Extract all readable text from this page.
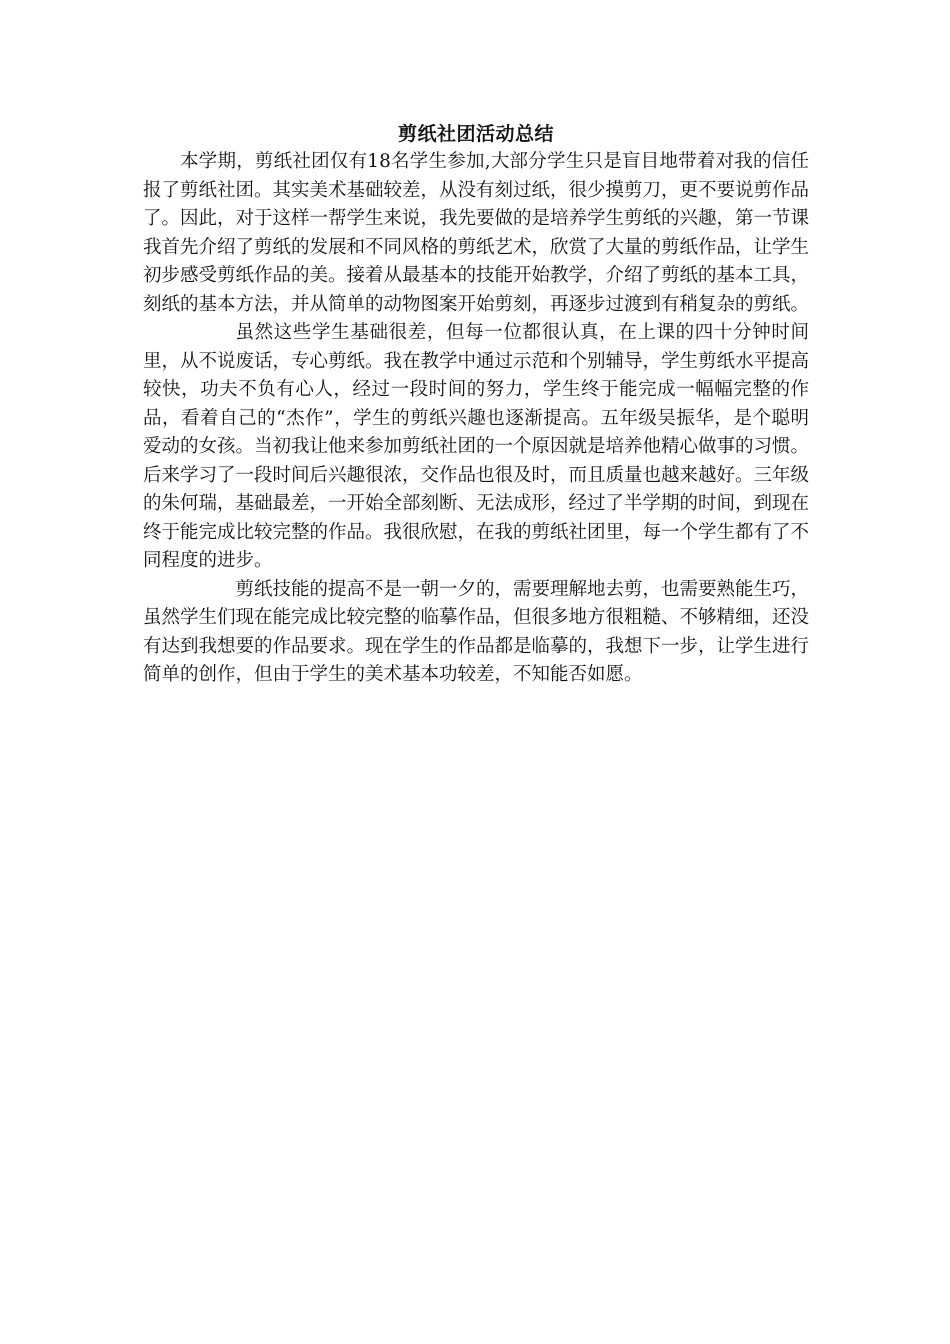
剪纸社团活动总结

本学期，剪纸社团仅有18名学生参加,大部分学生只是盲目地带着对我的信任报了剪纸社团。其实美术基础较差，从没有刻过纸，很少摸剪刀，更不要说剪作品了。因此，对于这样一帮学生来说，我先要做的是培养学生剪纸的兴趣，第一节课我首先介绍了剪纸的发展和不同风格的剪纸艺术，欣赏了大量的剪纸作品，让学生初步感受剪纸作品的美。接着从最基本的技能开始教学，介绍了剪纸的基本工具，刻纸的基本方法，并从简单的动物图案开始剪刻，再逐步过渡到有稍复杂的剪纸。

虽然这些学生基础很差，但每一位都很认真，在上课的四十分钟时间里，从不说废话，专心剪纸。我在教学中通过示范和个别辅导，学生剪纸水平提高较快，功夫不负有心人，经过一段时间的努力，学生终于能完成一幅幅完整的作品，看着自己的“杰作”，学生的剪纸兴趣也逐渐提高。五年级吴振华，是个聪明爱动的女孩。当初我让他来参加剪纸社团的一个原因就是培养他精心做事的习惯。后来学习了一段时间后兴趣很浓，交作品也很及时，而且质量也越来越好。三年级的朱何瑞，基础最差，一开始全部刻断、无法成形，经过了半学期的时间，到现在终于能完成比较完整的作品。我很欣慰，在我的剪纸社团里，每一个学生都有了不同程度的进步。

剪纸技能的提高不是一朝一夕的，需要理解地去剪，也需要熟能生巧，虽然学生们现在能完成比较完整的临摹作品，但很多地方很粗糙、不够精细，还没有达到我想要的作品要求。现在学生的作品都是临摹的，我想下一步，让学生进行简单的创作，但由于学生的美术基本功较差，不知能否如愿。
